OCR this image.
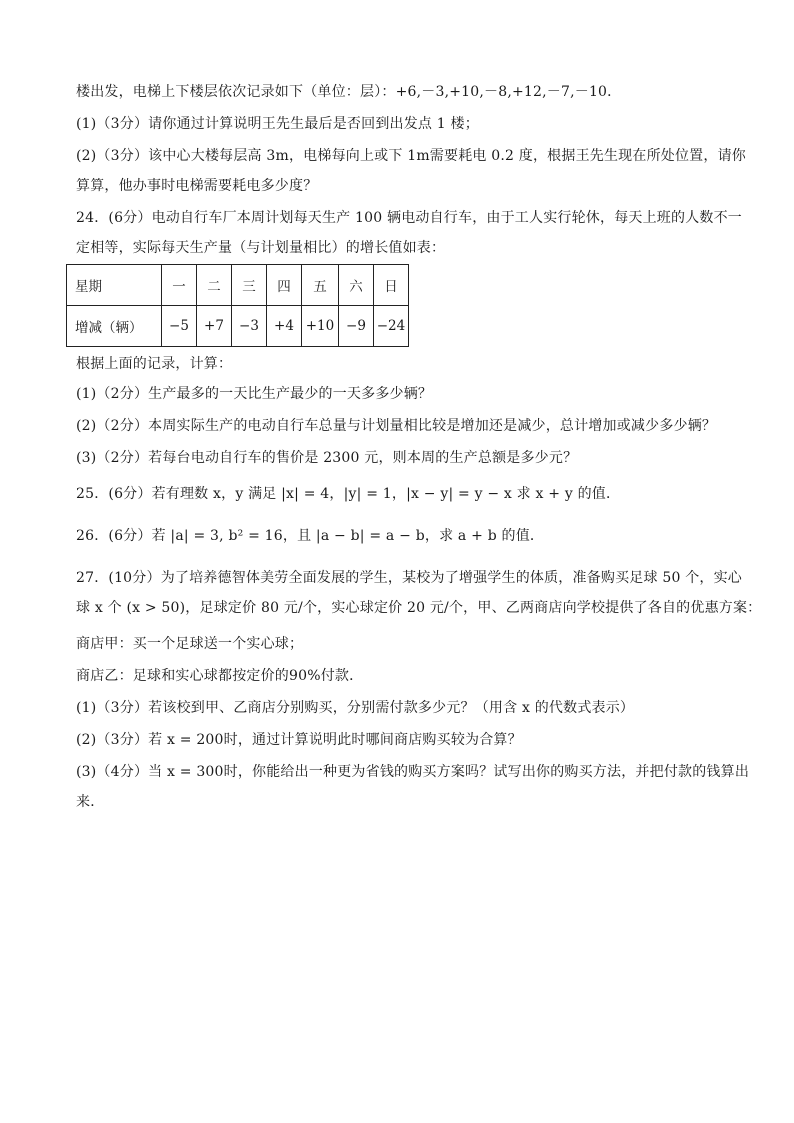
楼出发，电梯上下楼层依次记录如下（单位：层）：+6,－3,+10,－8,+12,－7,－10．
(1)（3分）请你通过计算说明王先生最后是否回到出发点 1 楼；
(2)（3分）该中心大楼每层高 3m，电梯每向上或下 1m需要耗电 0.2 度，根据王先生现在所处位置，请你
算算，他办事时电梯需要耗电多少度？
24．(6分）电动自行车厂本周计划每天生产 100 辆电动自行车，由于工人实行轮休，每天上班的人数不一
定相等，实际每天生产量（与计划量相比）的增长值如表：
星期	一	二	三	四	五	六	日
增减（辆）	−5	+7	−3	+4	+10	−9	−24
根据上面的记录，计算：
(1)（2分）生产最多的一天比生产最少的一天多多少辆？
(2)（2分）本周实际生产的电动自行车总量与计划量相比较是增加还是减少，总计增加或减少多少辆？
(3)（2分）若每台电动自行车的售价是 2300 元，则本周的生产总额是多少元？
25．(6分）若有理数 x，y 满足 |x| = 4，|y| = 1，|x − y| = y − x 求 x + y 的值．
26．(6分）若 |a| = 3, b² = 16，且 |a − b| = a − b，求 a + b 的值．
27．(10分）为了培养德智体美劳全面发展的学生，某校为了增强学生的体质，准备购买足球 50 个，实心
球 x 个 (x > 50)，足球定价 80 元/个，实心球定价 20 元/个，甲、乙两商店向学校提供了各自的优惠方案：
商店甲：买一个足球送一个实心球；
商店乙：足球和实心球都按定价的90%付款．
(1)（3分）若该校到甲、乙商店分别购买，分别需付款多少元？（用含 x 的代数式表示）
(2)（3分）若 x = 200时，通过计算说明此时哪间商店购买较为合算？
(3)（4分）当 x = 300时，你能给出一种更为省钱的购买方案吗？试写出你的购买方法，并把付款的钱算出
来．
